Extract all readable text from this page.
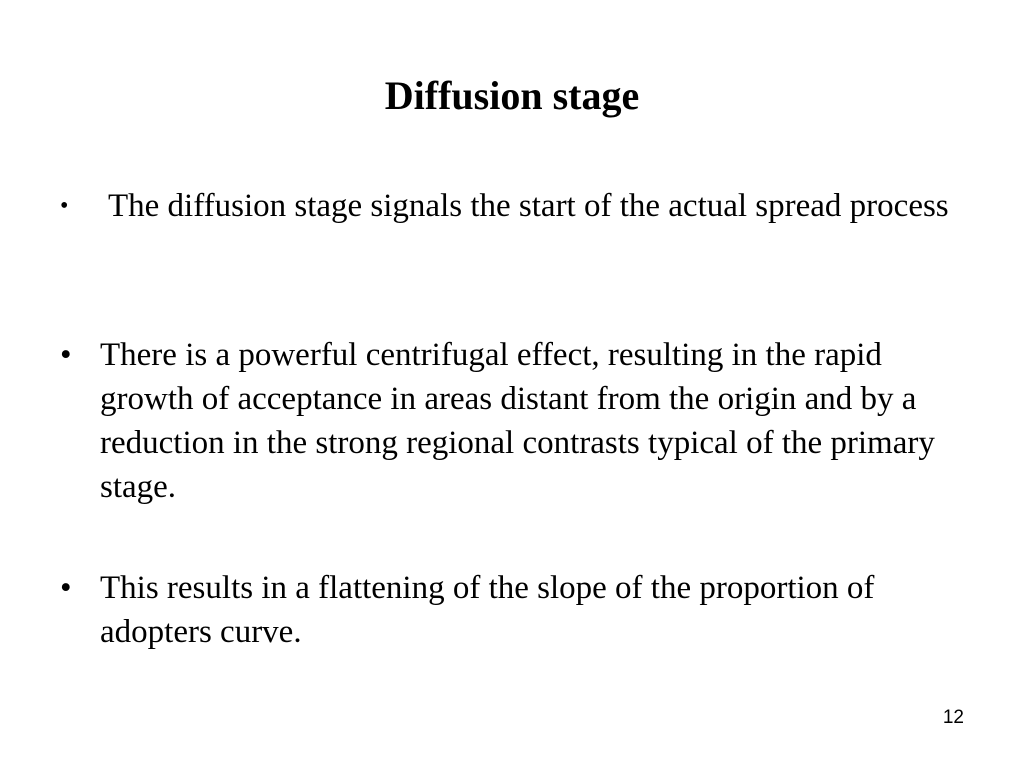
Diffusion stage
•	The diffusion stage signals the start of the actual spread process
• There is a powerful centrifugal effect, resulting in the rapid growth of acceptance in areas distant from the origin and by a reduction in the strong regional contrasts typical of the primary stage.
• This results in a flattening of the slope of the proportion of adopters curve.
12
